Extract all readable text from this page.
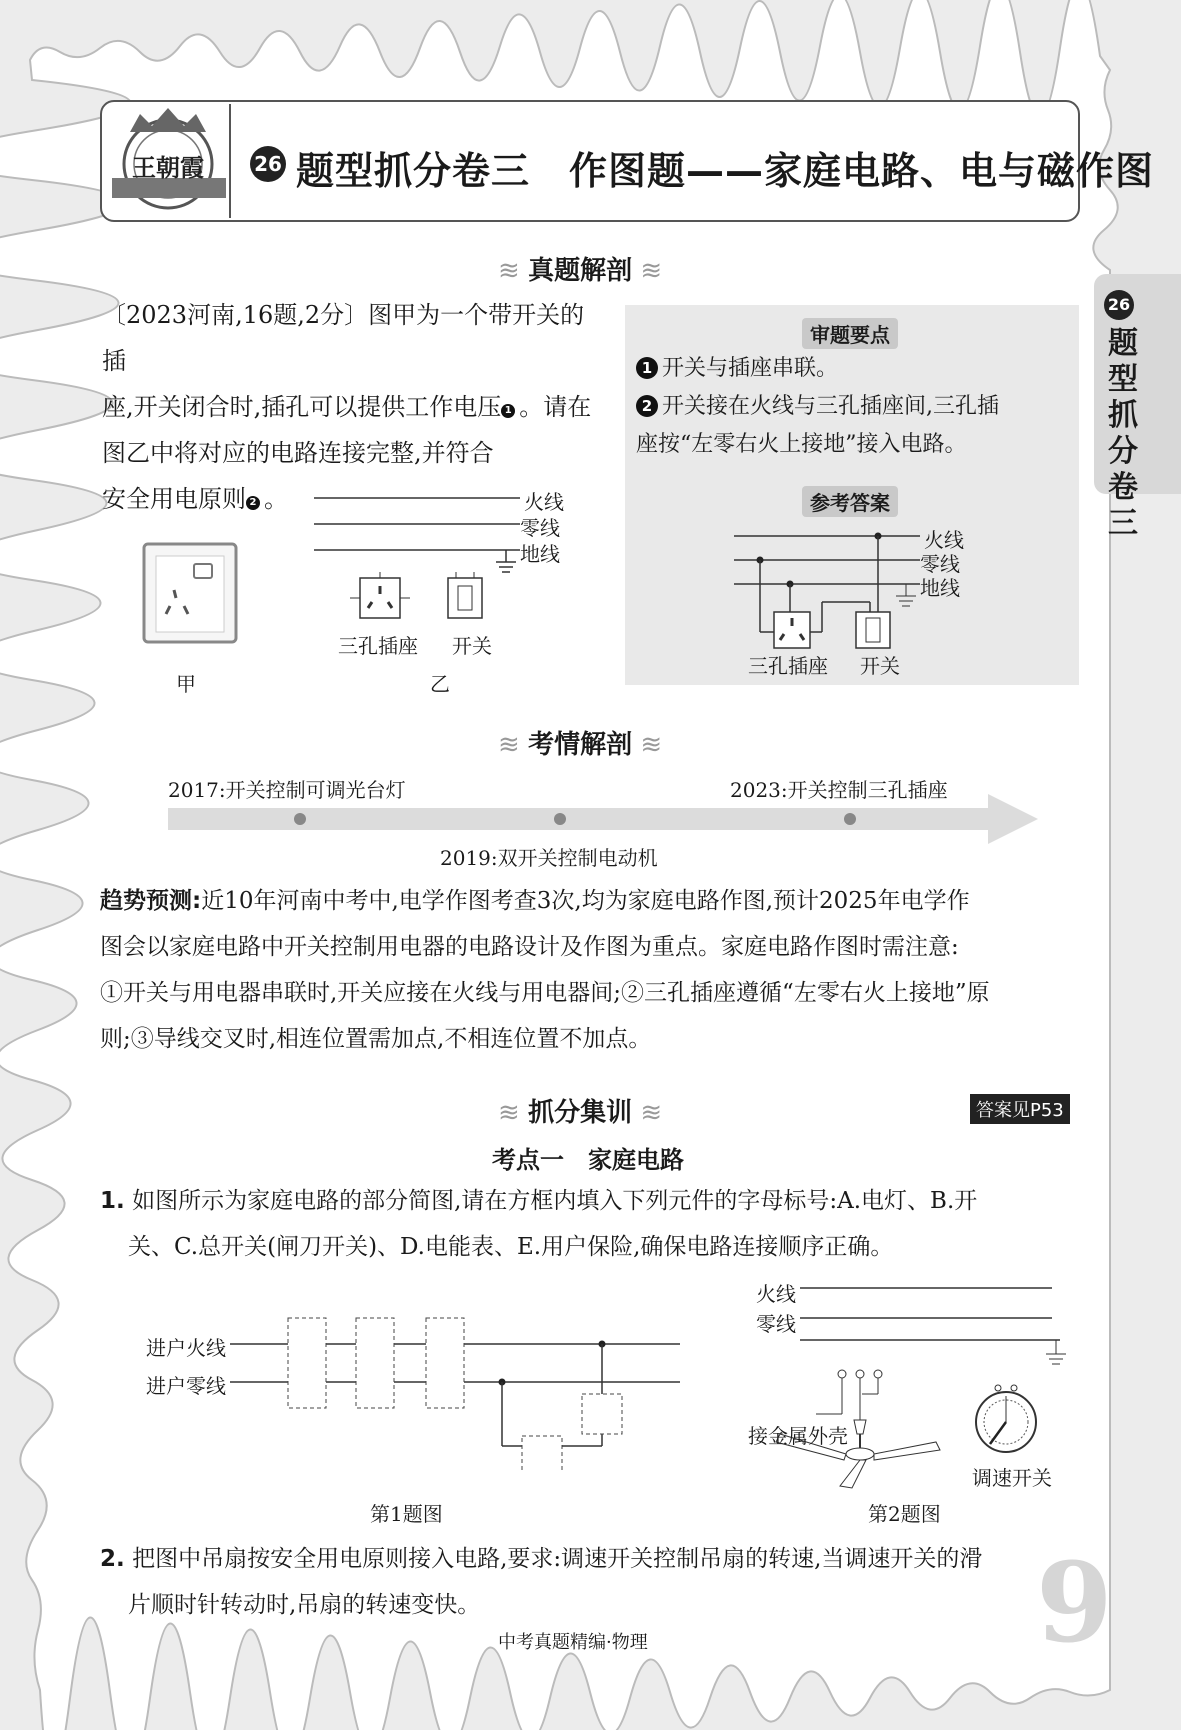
26
题型抓分卷三
王朝霞	26 题型抓分卷三　作图题——家庭电路、电与磁作图
≋ 真题解剖 ≋
〔2023河南,16题,2分〕图甲为一个带开关的插
座,开关闭合时,插孔可以提供工作电压 $^1$ 。请在图乙中将对应的电路连接完整,并符合
安全用电原则 $^2$ 。
甲
火线
零线
地线
三孔插座 开关
乙
审题要点
1 开关与插座串联。
2 开关接在火线与三孔插座间,三孔插
座按“左零右火上接地”接入电路。
参考答案
火线
零线
地线
三孔插座 开关
≋ 考情解剖 ≋
2017:开关控制可调光台灯	2023:开关控制三孔插座
2019:双开关控制电动机
趋势预测:近10年河南中考中,电学作图考查3次,均为家庭电路作图,预计2025年电学作
图会以家庭电路中开关控制用电器的电路设计及作图为重点。家庭电路作图时需注意:
①开关与用电器串联时,开关应接在火线与用电器间;②三孔插座遵循“左零右火上接地”原
则;③导线交叉时,相连位置需加点,不相连位置不加点。
≋ 抓分集训 ≋	答案见P53
考点一　家庭电路
1. 如图所示为家庭电路的部分简图,请在方框内填入下列元件的字母标号:A.电灯、B.开
关、C.总开关(闸刀开关)、D.电能表、E.用户保险,确保电路连接顺序正确。
进户火线
进户零线
第1题图
火线
零线
接金属外壳
调速开关
第2题图
2. 把图中吊扇按安全用电原则接入电路,要求:调速开关控制吊扇的转速,当调速开关的滑
片顺时针转动时,吊扇的转速变快。
中考真题精编·物理	9
